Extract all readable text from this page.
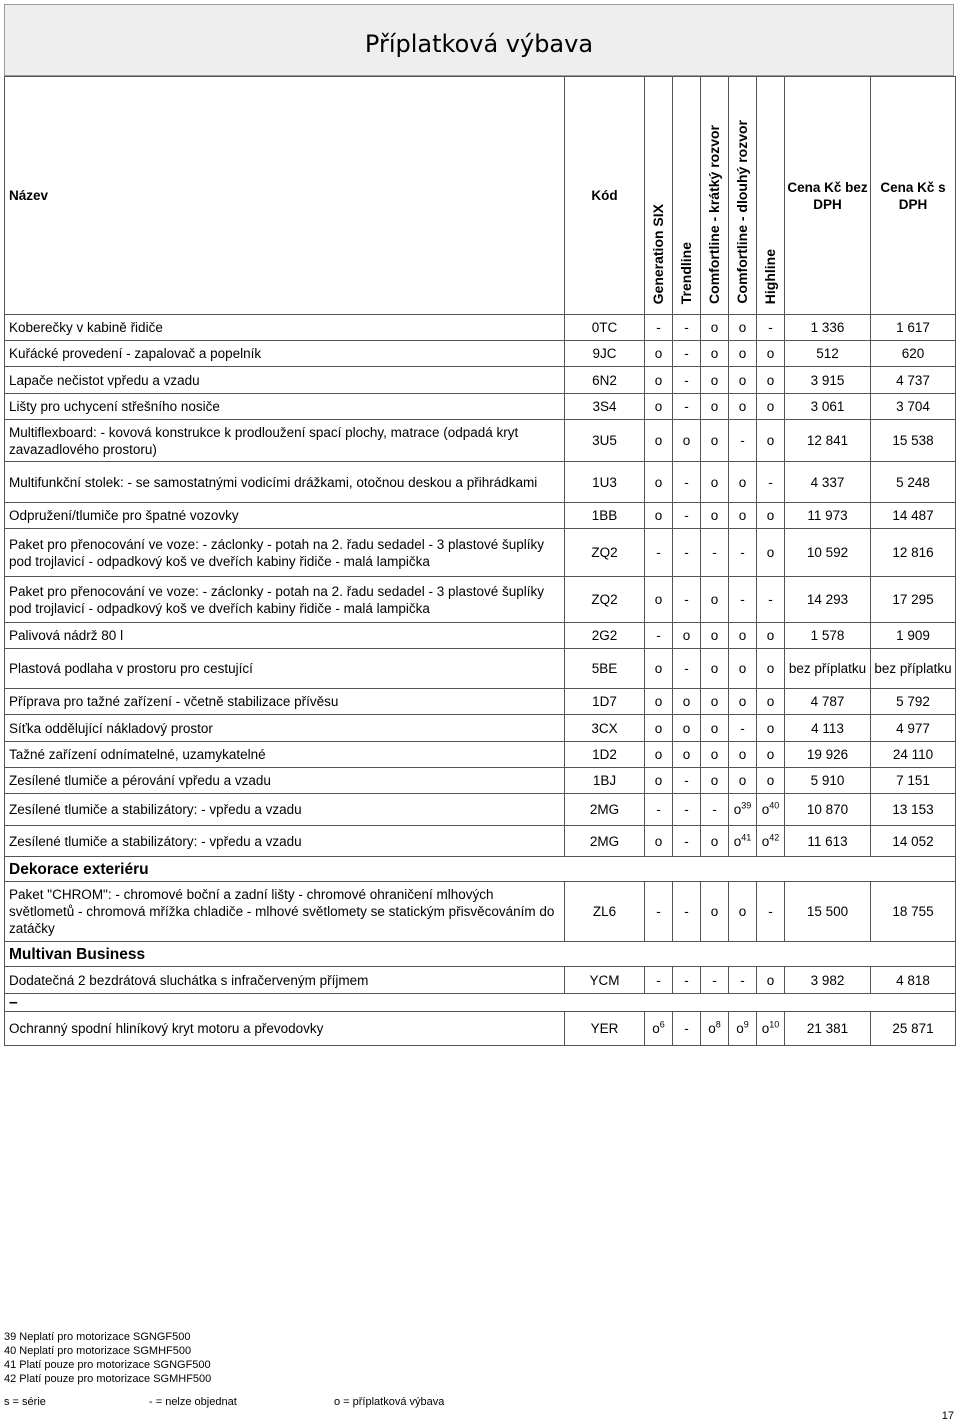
Příplatková výbava
Název	Kód	Generation SIX	Trendline	Comfortline - krátký rozvor	Comfortline - dlouhý rozvor	Highline	Cena Kč bez DPH	Cena Kč s DPH
Koberečky v kabině řidiče	0TC	-	-	o	o	-	1 336	1 617
Kuřácké provedení - zapalovač a popelník	9JC	o	-	o	o	o	512	620
Lapače nečistot vpředu a vzadu	6N2	o	-	o	o	o	3 915	4 737
Lišty pro uchycení střešního nosiče	3S4	o	-	o	o	o	3 061	3 704
Multiflexboard: - kovová konstrukce k prodloužení spací plochy, matrace (odpadá kryt zavazadlového prostoru)	3U5	o	o	o	-	o	12 841	15 538
Multifunkční stolek: - se samostatnými vodicími drážkami, otočnou deskou a přihrádkami	1U3	o	-	o	o	-	4 337	5 248
Odpružení/tlumiče pro špatné vozovky	1BB	o	-	o	o	o	11 973	14 487
Paket pro přenocování ve voze: - záclonky - potah na 2. řadu sedadel - 3 plastové šuplíky pod trojlavicí - odpadkový koš ve dveřích kabiny řidiče - malá lampička	ZQ2	-	-	-	-	o	10 592	12 816
Paket pro přenocování ve voze: - záclonky - potah na 2. řadu sedadel - 3 plastové šuplíky pod trojlavicí - odpadkový koš ve dveřích kabiny řidiče - malá lampička	ZQ2	o	-	o	-	-	14 293	17 295
Palivová nádrž 80 l	2G2	-	o	o	o	o	1 578	1 909
Plastová podlaha v prostoru pro cestující	5BE	o	-	o	o	o	bez příplatku	bez příplatku
Příprava pro tažné zařízení - včetně stabilizace přívěsu	1D7	o	o	o	o	o	4 787	5 792
Síťka oddělující nákladový prostor	3CX	o	o	o	-	o	4 113	4 977
Tažné zařízení odnímatelné, uzamykatelné	1D2	o	o	o	o	o	19 926	24 110
Zesílené tlumiče a pérování vpředu a vzadu	1BJ	o	-	o	o	o	5 910	7 151
Zesílené tlumiče a stabilizátory: - vpředu a vzadu	2MG	-	-	-	$o^{39}$	$o^{40}$	10 870	13 153
Zesílené tlumiče a stabilizátory: - vpředu a vzadu	2MG	o	-	o	$o^{41}$	$o^{42}$	11 613	14 052
Dekorace exteriéru								
Paket "CHROM": - chromové boční a zadní lišty - chromové ohraničení mlhových světlometů - chromová mřížka chladiče - mlhové světlomety se statickým přisvěcováním do zatáčky	ZL6	-	-	o	o	-	15 500	18 755
Multivan Business								
Dodatečná 2 bezdrátová sluchátka s infračerveným příjmem	YCM	-	-	-	-	o	3 982	4 818
–								
Ochranný spodní hliníkový kryt motoru a převodovky	YER	$o^6$	-	$o^8$	$o^9$	$o^{10}$	21 381	25 871
39 Neplatí pro motorizace SGNGF500
40 Neplatí pro motorizace SGMHF500
41 Platí pouze pro motorizace SGNGF500
42 Platí pouze pro motorizace SGMHF500
s = série	- = nelze objednat	o = příplatková výbava
17
